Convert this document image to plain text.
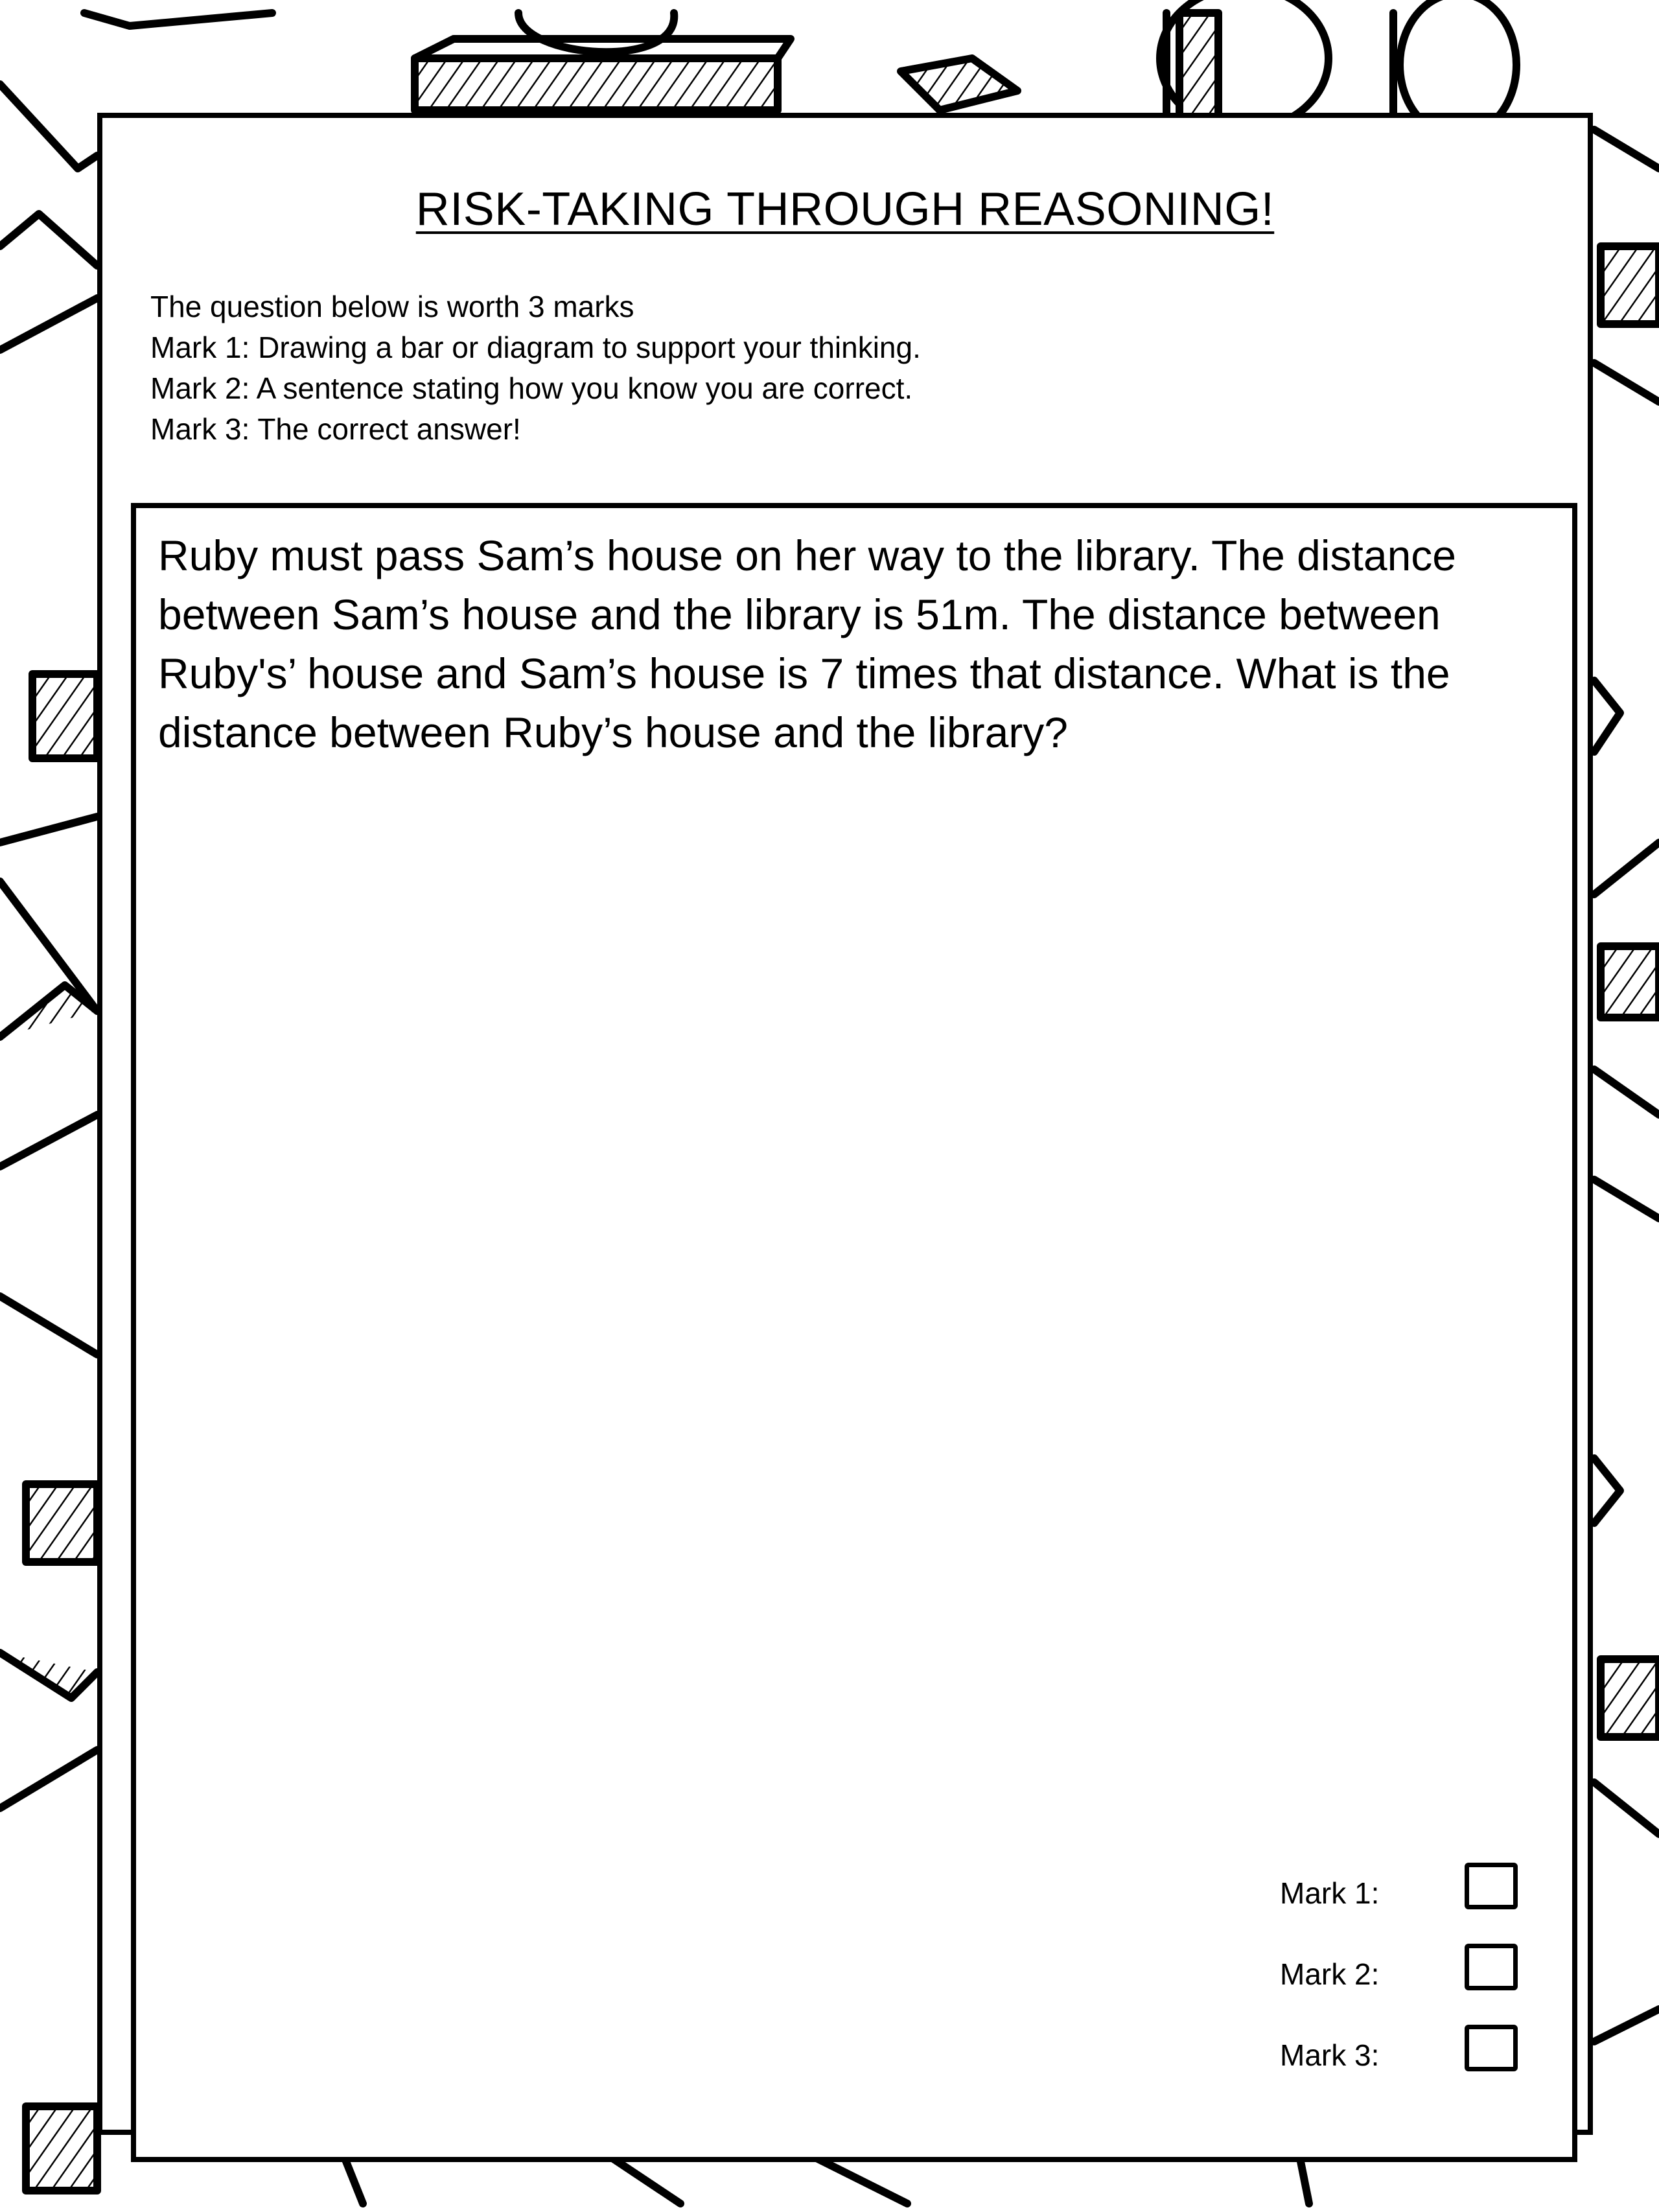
RISK-TAKING THROUGH REASONING!
The question below is worth 3 marks
Mark 1: Drawing a bar or diagram to support your thinking.
Mark 2: A sentence stating how you know you are correct.
Mark 3: The correct answer!
Ruby must pass Sam’s house on her way to the library. The distance between Sam’s house and the library is 51m. The distance between Ruby's’ house and Sam’s house is 7 times that distance. What is the distance between Ruby’s house and the library?
Mark 1:
Mark 2:
Mark 3:
